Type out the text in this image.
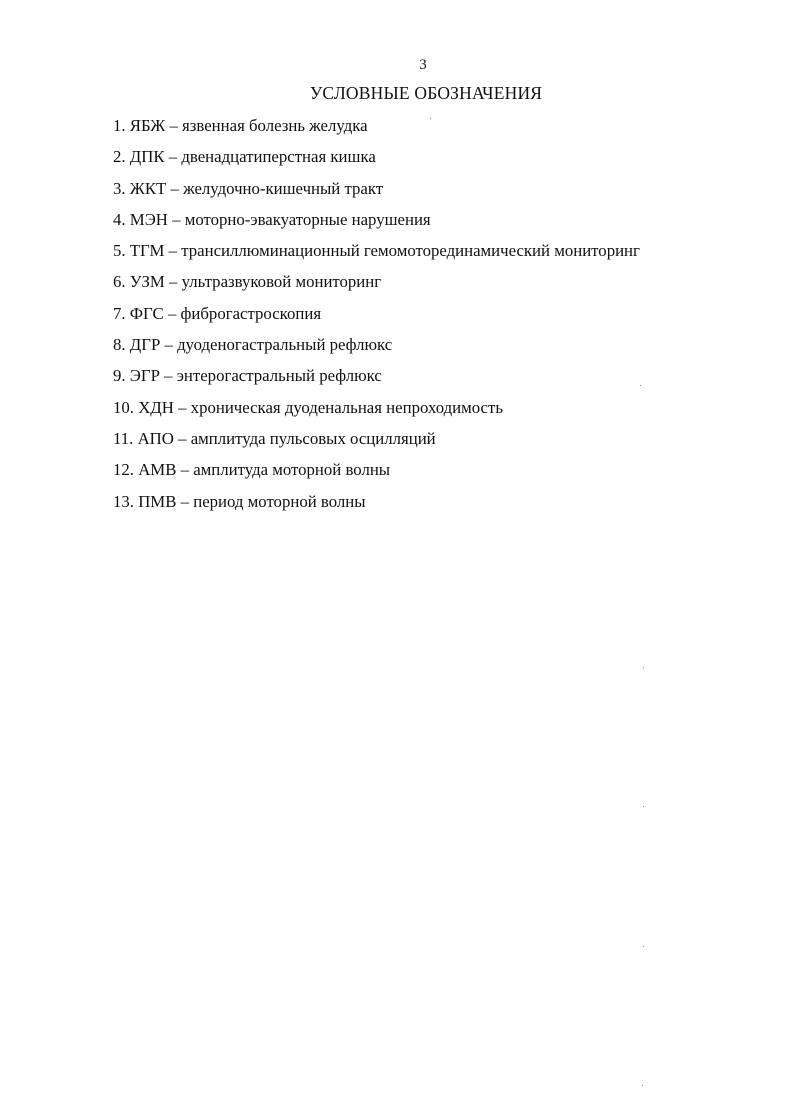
3
УСЛОВНЫЕ ОБОЗНАЧЕНИЯ
1. ЯБЖ – язвенная болезнь желудка
2. ДПК – двенадцатиперстная кишка
3. ЖКТ – желудочно-кишечный тракт
4. МЭН – моторно-эвакуаторные нарушения
5. ТГМ – трансиллюминационный гемомоторединамический мониторинг
6. УЗМ – ультразвуковой мониторинг
7. ФГС – фиброгастроскопия
8. ДГР – дуоденогастральный рефлюкс
9. ЭГР – энтерогастральный рефлюкс
10. ХДН – хроническая дуоденальная непроходимость
11. АПО – амплитуда пульсовых осцилляций
12. АМВ – амплитуда моторной волны
13. ПМВ – период моторной волны
